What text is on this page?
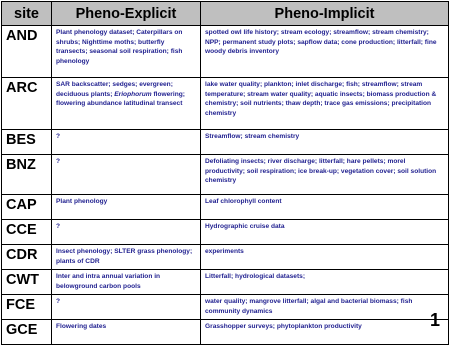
site	Pheno-Explicit	Pheno-Implicit
AND	Plant phenology dataset; Caterpillars on shrubs; Nighttime moths; butterfly transects; seasonal soil respiration; fish phenology	spotted owl life history; stream ecology; streamflow; stream chemistry; NPP; permanent study plots; sapflow data; cone production; litterfall; fine woody debris inventory
ARC	SAR backscatter; sedges; evergreen; deciduous plants; Eriophorum flowering; flowering abundance latitudinal transect	lake water quality; plankton; inlet discharge; fish; streamflow; stream temperature; stream water quality; aquatic insects; biomass production & chemistry; soil nutrients; thaw depth; trace gas emissions; precipitation chemistry
BES	?	Streamflow; stream chemistry
BNZ	?	Defoliating insects; river discharge; litterfall; hare pellets; morel productivity; soil respiration; ice break-up; vegetation cover; soil solution chemistry
CAP	Plant phenology	Leaf chlorophyll content
CCE	?	Hydrographic cruise data
CDR	Insect phenology; SLTER grass phenology; plants of CDR	experiments
CWT	Inter and intra annual variation in belowground carbon pools	Litterfall; hydrological datasets;
FCE	?	water quality; mangrove litterfall; algal and bacterial biomass; fish community dynamics
GCE	Flowering dates	Grasshopper surveys; phytoplankton productivity	1
